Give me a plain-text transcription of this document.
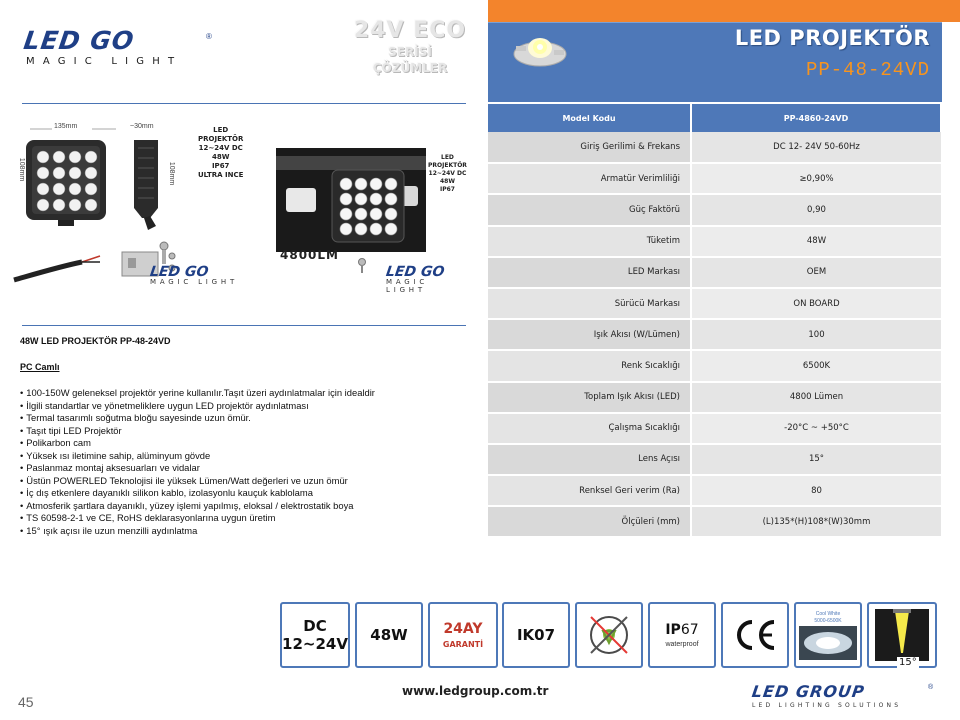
LED PROJEKTÖR
PP-48-24VD
LED GO	®
MAGIC LIGHT
24V ECO
SERİSİ
ÇÖZÜMLER
135mm	~30mm
108mm	108mm
LED
PROJEKTÖR
12~24V DC
48W
IP67
ULTRA INCE
LED GO
MAGIC LIGHT
LED
PROJEKTÖR
12~24V DC
48W
IP67
4800LM
LED GO
MAGIC LIGHT
48W LED PROJEKTÖR PP-48-24VD
PC Camlı
• 100-150W geleneksel projektör yerine kullanılır.Taşıt üzeri aydınlatmalar için idealdir
• İlgili standartlar ve yönetmeliklere uygun LED projektör aydınlatması
• Termal tasarımlı soğutma bloğu sayesinde uzun ömür.
• Taşıt tipi LED Projektör
• Polikarbon cam
• Yüksek ısı iletimine sahip, alüminyum gövde
• Paslanmaz montaj aksesuarları ve vidalar
• Üstün POWERLED Teknolojisi ile yüksek Lümen/Watt değerleri ve uzun ömür
• İç dış etkenlere dayanıklı silikon kablo, izolasyonlu kauçuk kablolama
• Atmosferik şartlara dayanıklı, yüzey işlemi yapılmış, eloksal / elektrostatik boya
• TS 60598-2-1 ve CE, RoHS deklarasyonlarına uygun üretim
• 15° ışık açısı ile uzun menzilli aydınlatma
Model Kodu	PP-4860-24VD
Giriş Gerilimi & Frekans	DC 12- 24V 50-60Hz
Armatür Verimliliği	≥0,90%
Güç Faktörü	0,90
Tüketim	48W
LED Markası	OEM
Sürücü Markası	ON BOARD
Işık Akısı (W/Lümen)	100
Renk Sıcaklığı	6500K
Toplam Işık Akısı (LED)	4800 Lümen
Çalışma Sıcaklığı	-20°C ~ +50°C
Lens Açısı	15°
Renksel Geri verim (Ra)	80
Ölçüleri (mm)	(L)135*(H)108*(W)30mm
DC
12~24V 48W	24AY
GARANTİ
IK07	IP67
waterproof
Cool White
5000-6500K
15°
45
www.ledgroup.com.tr	LED GROUP
LED LIGHTING SOLUTIONS
®
